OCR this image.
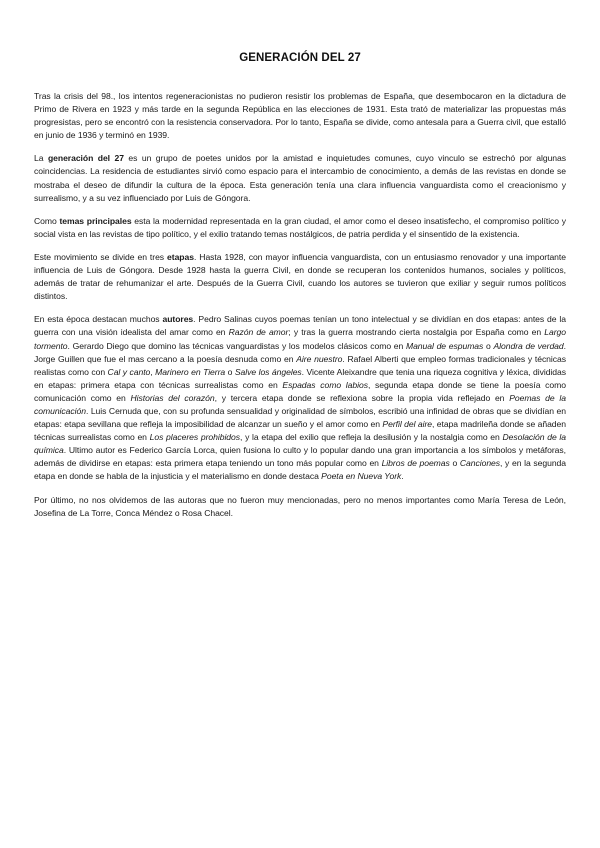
GENERACIÓN DEL 27

Tras la crisis del 98., los intentos regeneracionistas no pudieron resistir los problemas de España, que desembocaron en la dictadura de Primo de Rivera en 1923 y más tarde en la segunda República en las elecciones de 1931. Esta trató de materializar las propuestas más progresistas, pero se encontró con la resistencia conservadora. Por lo tanto, España se divide, como antesala para a Guerra civil, que estalló en junio de 1936 y terminó en 1939.

La generación del 27 es un grupo de poetes unidos por la amistad e inquietudes comunes, cuyo vinculo se estrechó por algunas coincidencias. La residencia de estudiantes sirvió como espacio para el intercambio de conocimiento, a demás de las revistas en donde se mostraba el deseo de difundir la cultura de la época. Esta generación tenía una clara influencia vanguardista como el creacionismo y surrealismo, y a su vez influenciado por Luis de Góngora.

Como temas principales esta la modernidad representada en la gran ciudad, el amor como el deseo insatisfecho, el compromiso político y social vista en las revistas de tipo político, y el exilio tratando temas nostálgicos, de patria perdida y el sinsentido de la existencia.

Este movimiento se divide en tres etapas. Hasta 1928, con mayor influencia vanguardista, con un entusiasmo renovador y una importante influencia de Luis de Góngora. Desde 1928 hasta la guerra Civil, en donde se recuperan los contenidos humanos, sociales y políticos, además de tratar de rehumanizar el arte. Después de la Guerra Civil, cuando los autores se tuvieron que exiliar y seguir rumos políticos distintos.

En esta época destacan muchos autores. Pedro Salinas cuyos poemas tenían un tono intelectual y se dividían en dos etapas: antes de la guerra con una visión idealista del amar como en Razón de amor; y tras la guerra mostrando cierta nostalgia por España como en Largo tormento. Gerardo Diego que domino las técnicas vanguardistas y los modelos clásicos como en Manual de espumas o Alondra de verdad. Jorge Guillen que fue el mas cercano a la poesía desnuda como en Aire nuestro. Rafael Alberti que empleo formas tradicionales y técnicas realistas como con Cal y canto, Marinero en Tierra o Salve los ángeles. Vicente Aleixandre que tenia una riqueza cognitiva y léxica, divididas en etapas: primera etapa con técnicas surrealistas como en Espadas como labios, segunda etapa donde se tiene la poesía como comunicación como en Historias del corazón, y tercera etapa donde se reflexiona sobre la propia vida reflejado en Poemas de la comunicación. Luis Cernuda que, con su profunda sensualidad y originalidad de símbolos, escribió una infinidad de obras que se dividían en etapas: etapa sevillana que refleja la imposibilidad de alcanzar un sueño y el amor como en Perfil del aire, etapa madrileña donde se añaden técnicas surrealistas como en Los placeres prohibidos, y la etapa del exilio que refleja la desilusión y la nostalgia como en Desolación de la química. Ultimo autor es Federico García Lorca, quien fusiona lo culto y lo popular dando una gran importancia a los símbolos y metáforas, además de dividirse en etapas: esta primera etapa teniendo un tono más popular como en Libros de poemas o Canciones, y en la segunda etapa en donde se habla de la injusticia y el materialismo en donde destaca Poeta en Nueva York.

Por último, no nos olvidemos de las autoras que no fueron muy mencionadas, pero no menos importantes como María Teresa de León, Josefina de La Torre, Conca Méndez o Rosa Chacel.
